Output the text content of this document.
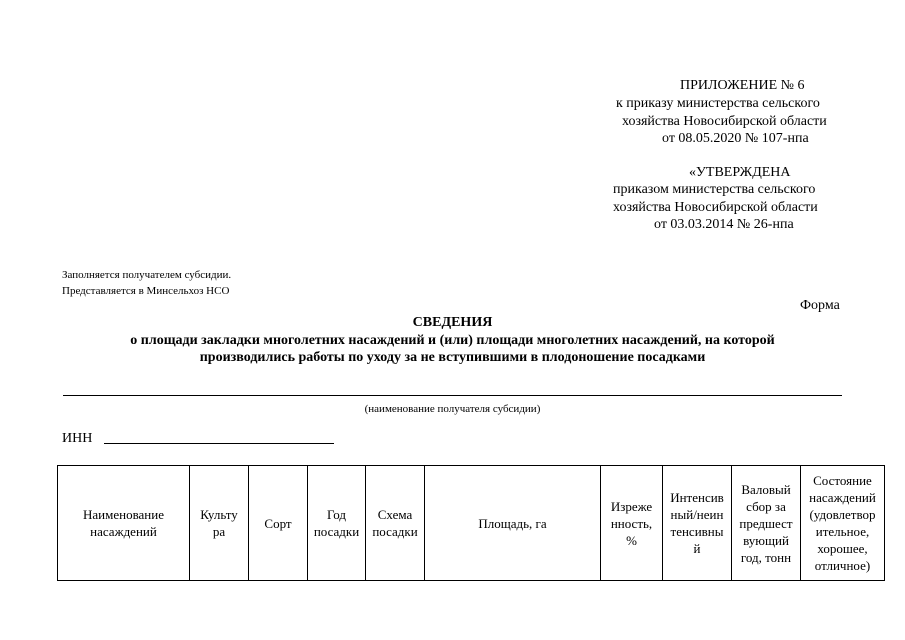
ПРИЛОЖЕНИЕ № 6
к приказу министерства сельского
хозяйства Новосибирской области
от 08.05.2020 № 107-нпа
«УТВЕРЖДЕНА
приказом министерства сельского
хозяйства Новосибирской области
от 03.03.2014 № 26-нпа
Заполняется получателем субсидии.
Представляется в Минсельхоз НСО
Форма
СВЕДЕНИЯ
о площади закладки многолетних насаждений и (или) площади многолетних насаждений, на которой
производились работы по уходу за не вступившими в плодоношение посадками
(наименование получателя субсидии)
ИНН
Наименование
насаждений	Культу
ра	Сорт	Год
посадки	Схема
посадки	Площадь, га	Изреже
нность,
%	Интенсив
ный/неин
тенсивны
й	Валовый
сбор за
предшест
вующий
год, тонн	Состояние
насаждений
(удовлетвор
ительное,
хорошее,
отличное)
